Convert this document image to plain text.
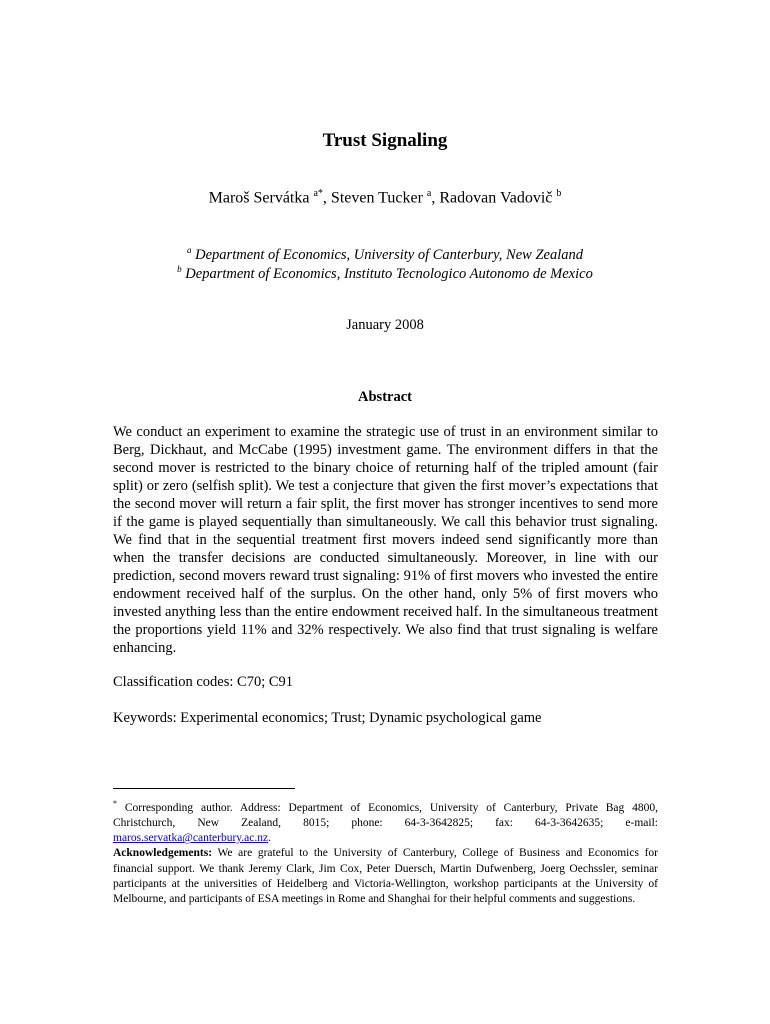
Trust Signaling
Maroš Servátka $^{a*}$, Steven Tucker $^a$, Radovan Vadovič $^b$
$^a$ Department of Economics, University of Canterbury, New Zealand
$^b$ Department of Economics, Instituto Tecnologico Autonomo de Mexico
January 2008
Abstract

We conduct an experiment to examine the strategic use of trust in an environment similar to Berg, Dickhaut, and McCabe (1995) investment game. The environment differs in that the second mover is restricted to the binary choice of returning half of the tripled amount (fair split) or zero (selfish split). We test a conjecture that given the first mover’s expectations that the second mover will return a fair split, the first mover has stronger incentives to send more if the game is played sequentially than simultaneously. We call this behavior trust signaling. We find that in the sequential treatment first movers indeed send significantly more than when the transfer decisions are conducted simultaneously. Moreover, in line with our prediction, second movers reward trust signaling: 91% of first movers who invested the entire endowment received half of the surplus. On the other hand, only 5% of first movers who invested anything less than the entire endowment received half. In the simultaneous treatment the proportions yield 11% and 32% respectively. We also find that trust signaling is welfare enhancing.

Classification codes: C70; C91
Keywords: Experimental economics; Trust; Dynamic psychological game

* Corresponding author. Address: Department of Economics, University of Canterbury, Private Bag 4800, Christchurch, New Zealand, 8015; phone: 64-3-3642825; fax: 64-3-3642635; e-mail: maros.servatka@canterbury.ac.nz.

Acknowledgements: We are grateful to the University of Canterbury, College of Business and Economics for financial support. We thank Jeremy Clark, Jim Cox, Peter Duersch, Martin Dufwenberg, Joerg Oechssler, seminar participants at the universities of Heidelberg and Victoria-Wellington, workshop participants at the University of Melbourne, and participants of ESA meetings in Rome and Shanghai for their helpful comments and suggestions.
